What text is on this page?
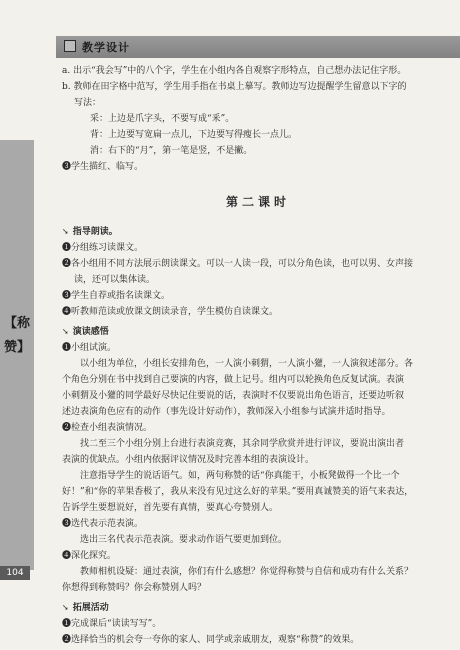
教学设计
【称 赞】
104

a. 出示“我会写”中的八个字，学生在小组内各自观察字形特点，自己想办法记住字形。

b. 教师在田字格中范写，学生用手指在书桌上摹写。教师边写边提醒学生留意以下字的

写法：

采：上边是爪字头，不要写成“釆”。

背：上边要写宽扁一点儿，下边要写得瘦长一点儿。

消：右下的“月”，第一笔是竖，不是撇。

❸学生描红、临写。

第二课时

➘ 指导朗读。

❶分组练习读课文。

❷各小组用不同方法展示朗读课文。可以一人读一段，可以分角色读，也可以男、女声接

读，还可以集体读。

❸学生自荐或指名读课文。

❹听教师范读或放课文朗读录音，学生模仿自读课文。

➘ 演读感悟

❶小组试演。

以小组为单位，小组长安排角色，一人演小刺猬，一人演小獾，一人演叙述部分。各

个角色分别在书中找到自己要演的内容，做上记号。组内可以轮换角色反复试演。表演

小刺猬及小獾的同学最好尽快记住要说的话，表演时不仅要说出角色语言，还要边听叙

述边表演角色应有的动作（事先设计好动作），教师深入小组参与试演并适时指导。

❷检查小组表演情况。

找二至三个小组分别上台进行表演竞赛，其余同学欣赏并进行评议，要说出演出者

表演的优缺点。小组内依据评议情况及时完善本组的表演设计。

注意指导学生的说话语气。如，两句称赞的话“你真能干，小板凳做得一个比一个

好！”和“你的苹果香极了，我从来没有见过这么好的苹果。”要用真诚赞美的语气来表达，

告诉学生要想说好，首先要有真情，要真心夸赞别人。

❸选代表示范表演。

选出三名代表示范表演。要求动作语气要更加到位。

❹深化探究。

教师相机设疑：通过表演，你们有什么感想？你觉得称赞与自信和成功有什么关系？

你想得到称赞吗？你会称赞别人吗？

➘ 拓展活动

❶完成课后“读读写写”。

❷选择恰当的机会夸一夸你的家人、同学或亲戚朋友，观察“称赞”的效果。
